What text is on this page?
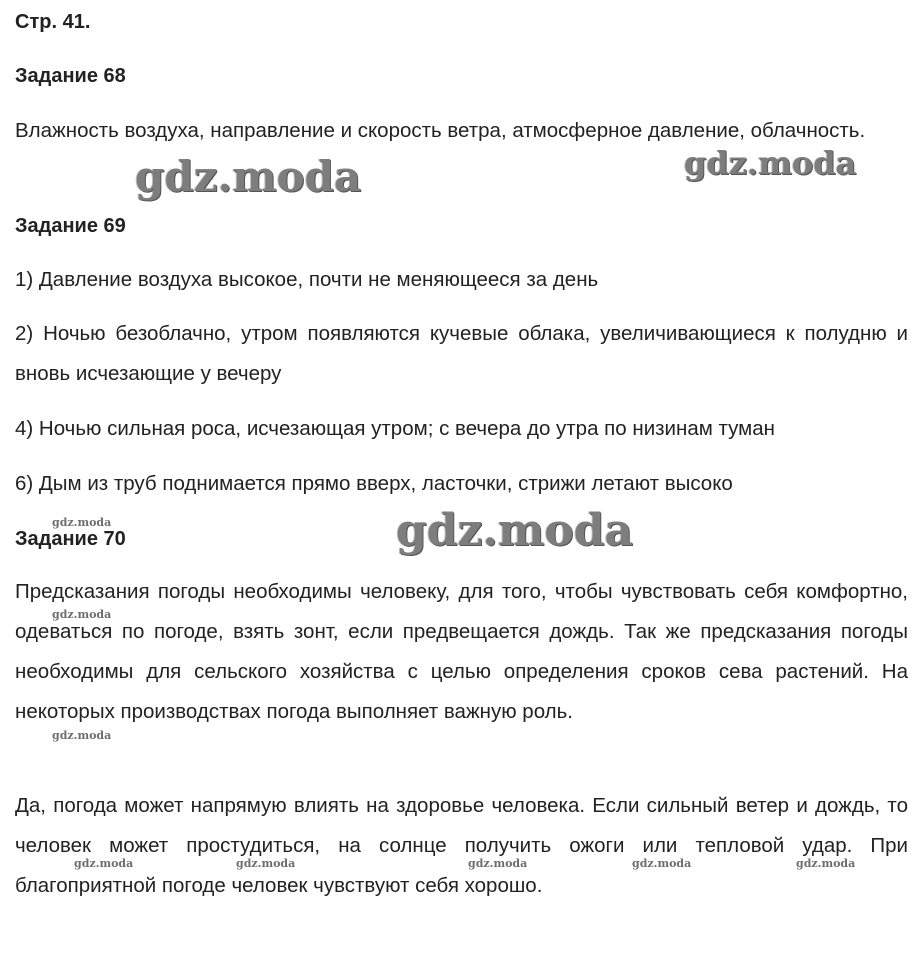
Стр. 41.
Задание 68

Влажность воздуха, направление и скорость ветра, атмосферное давление, облачность.

Задание 69

1) Давление воздуха высокое, почти не меняющееся за день

2) Ночью безоблачно, утром появляются кучевые облака, увеличивающиеся к полудню и вновь исчезающие у вечеру

4) Ночью сильная роса, исчезающая утром; с вечера до утра по низинам туман

6) Дым из труб поднимается прямо вверх, ласточки, стрижи летают высоко

Задание 70

Предсказания погоды необходимы человеку, для того, чтобы чувствовать себя комфортно, одеваться по погоде, взять зонт, если предвещается дождь. Так же предсказания погоды необходимы для сельского хозяйства с целью определения сроков сева растений. На некоторых производствах погода выполняет важную роль.

Да, погода может напрямую влиять на здоровье человека. Если сильный ветер и дождь, то человек может простудиться, на солнце получить ожоги или тепловой удар. При благоприятной погоде человек чувствуют себя хорошо.

gdz.moda	gdz.moda
gdz.moda
gdz.moda
gdz.moda
gdz.moda
gdz.moda	gdz.moda	gdz.moda	gdz.moda	gdz.moda
